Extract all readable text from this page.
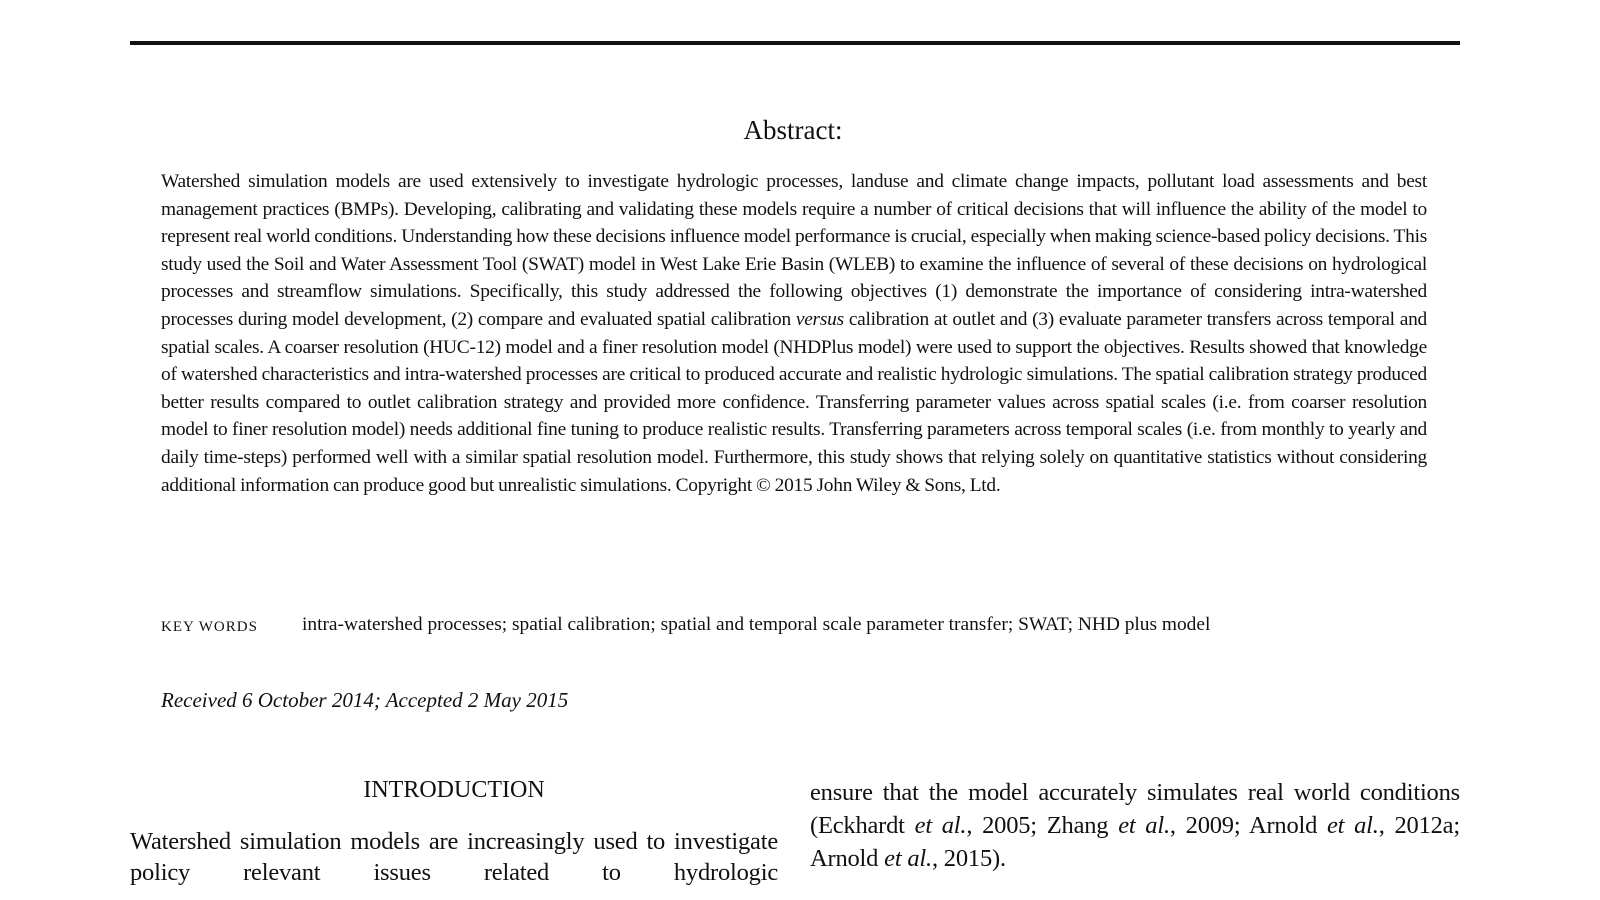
Abstract:
Watershed simulation models are used extensively to investigate hydrologic processes, landuse and climate change impacts, pollutant load assessments and best management practices (BMPs). Developing, calibrating and validating these models require a number of critical decisions that will influence the ability of the model to represent real world conditions. Understanding how these decisions influence model performance is crucial, especially when making science-based policy decisions. This study used the Soil and Water Assessment Tool (SWAT) model in West Lake Erie Basin (WLEB) to examine the influence of several of these decisions on hydrological processes and streamflow simulations. Specifically, this study addressed the following objectives (1) demonstrate the importance of considering intra-watershed processes during model development, (2) compare and evaluated spatial calibration versus calibration at outlet and (3) evaluate parameter transfers across temporal and spatial scales. A coarser resolution (HUC-12) model and a finer resolution model (NHDPlus model) were used to support the objectives. Results showed that knowledge of watershed characteristics and intra-watershed processes are critical to produced accurate and realistic hydrologic simulations. The spatial calibration strategy produced better results compared to outlet calibration strategy and provided more confidence. Transferring parameter values across spatial scales (i.e. from coarser resolution model to finer resolution model) needs additional fine tuning to produce realistic results. Transferring parameters across temporal scales (i.e. from monthly to yearly and daily time-steps) performed well with a similar spatial resolution model. Furthermore, this study shows that relying solely on quantitative statistics without considering additional information can produce good but unrealistic simulations. Copyright © 2015 John Wiley & Sons, Ltd.
KEY WORDS intra-watershed processes; spatial calibration; spatial and temporal scale parameter transfer; SWAT; NHD plus model
Received 6 October 2014; Accepted 2 May 2015
INTRODUCTION
Watershed simulation models are increasingly used to investigate policy relevant issues related to hydrologic
ensure that the model accurately simulates real world conditions (Eckhardt et al., 2005; Zhang et al., 2009; Arnold et al., 2012a; Arnold et al., 2015).
